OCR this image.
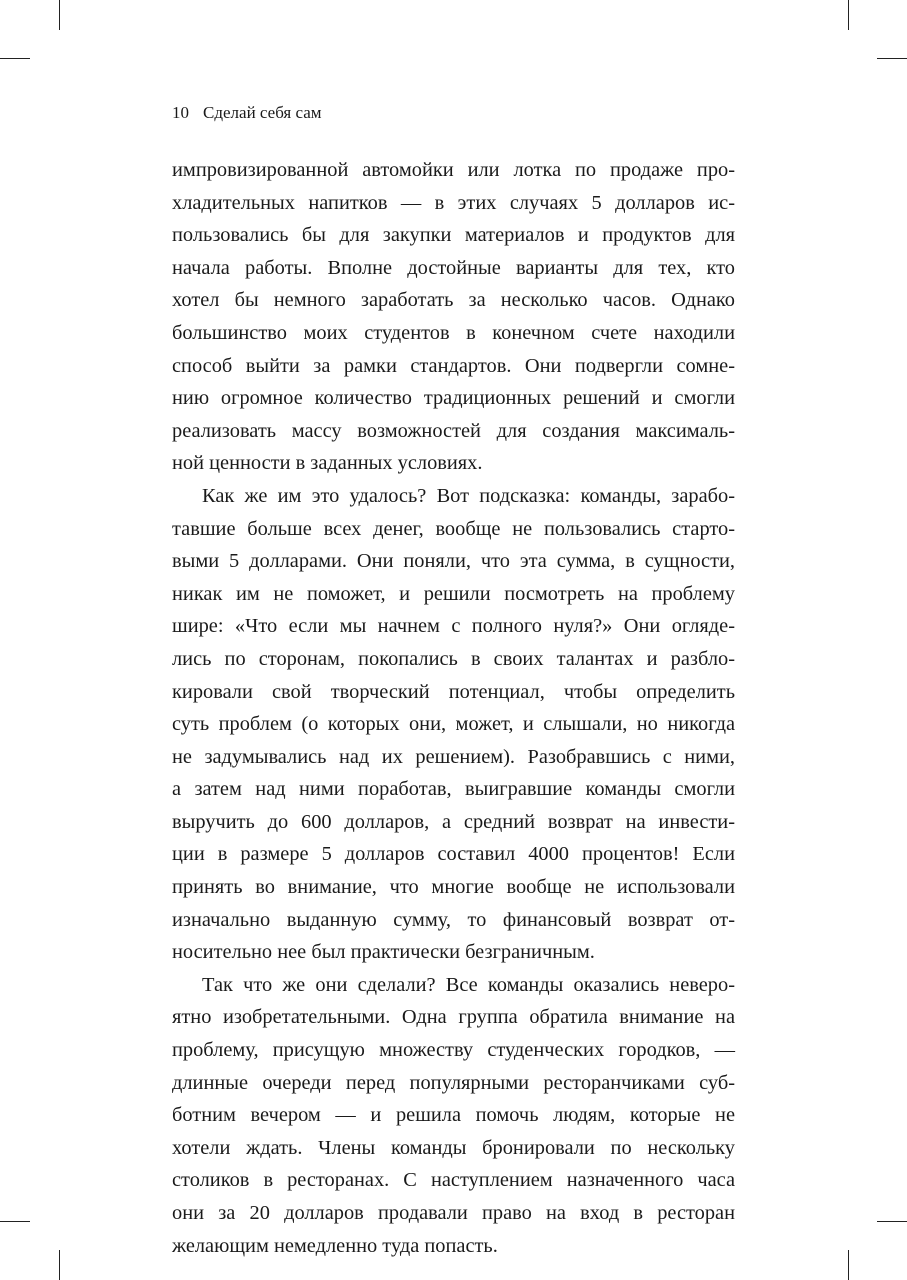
10 Сделай себя сам
импровизированной автомойки или лотка по продаже про-
хладительных напитков — в этих случаях 5 долларов ис-
пользовались бы для закупки материалов и продуктов для
начала работы. Вполне достойные варианты для тех, кто
хотел бы немного заработать за несколько часов. Однако
большинство моих студентов в конечном счете находили
способ выйти за рамки стандартов. Они подвергли сомне-
нию огромное количество традиционных решений и смогли
реализовать массу возможностей для создания максималь-
ной ценности в заданных условиях.
Как же им это удалось? Вот подсказка: команды, зарабо-
тавшие больше всех денег, вообще не пользовались старто-
выми 5 долларами. Они поняли, что эта сумма, в сущности,
никак им не поможет, и решили посмотреть на проблему
шире: «Что если мы начнем с полного нуля?» Они огляде-
лись по сторонам, покопались в своих талантах и разбло-
кировали свой творческий потенциал, чтобы определить
суть проблем (о которых они, может, и слышали, но никогда
не задумывались над их решением). Разобравшись с ними,
а затем над ними поработав, выигравшие команды смогли
выручить до 600 долларов, а средний возврат на инвести-
ции в размере 5 долларов составил 4000 процентов! Если
принять во внимание, что многие вообще не использовали
изначально выданную сумму, то финансовый возврат от-
носительно нее был практически безграничным.
Так что же они сделали? Все команды оказались неверо-
ятно изобретательными. Одна группа обратила внимание на
проблему, присущую множеству студенческих городков, —
длинные очереди перед популярными ресторанчиками суб-
ботним вечером — и решила помочь людям, которые не
хотели ждать. Члены команды бронировали по нескольку
столиков в ресторанах. С наступлением назначенного часа
они за 20 долларов продавали право на вход в ресторан
желающим немедленно туда попасть.
